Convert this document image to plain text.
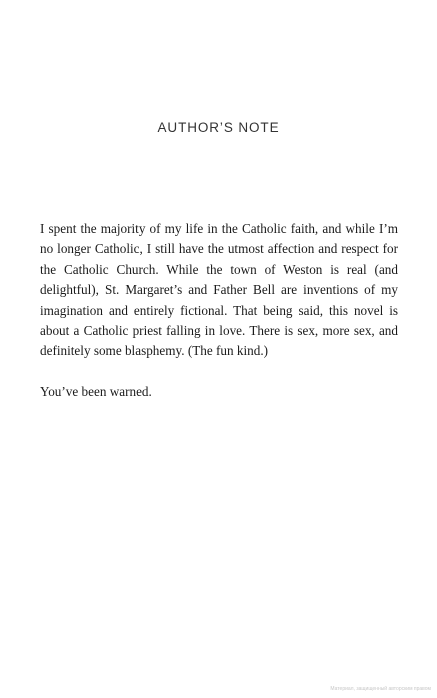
AUTHOR’S NOTE

I spent the majority of my life in the Catholic faith, and while I’m no longer Catholic, I still have the utmost affection and respect for the Catholic Church. While the town of Weston is real (and delightful), St. Margaret’s and Father Bell are inventions of my imagination and entirely fictional. That being said, this novel is about a Catholic priest falling in love. There is sex, more sex, and definitely some blasphemy. (The fun kind.)

You’ve been warned.

Материал, защищенный авторским правом
